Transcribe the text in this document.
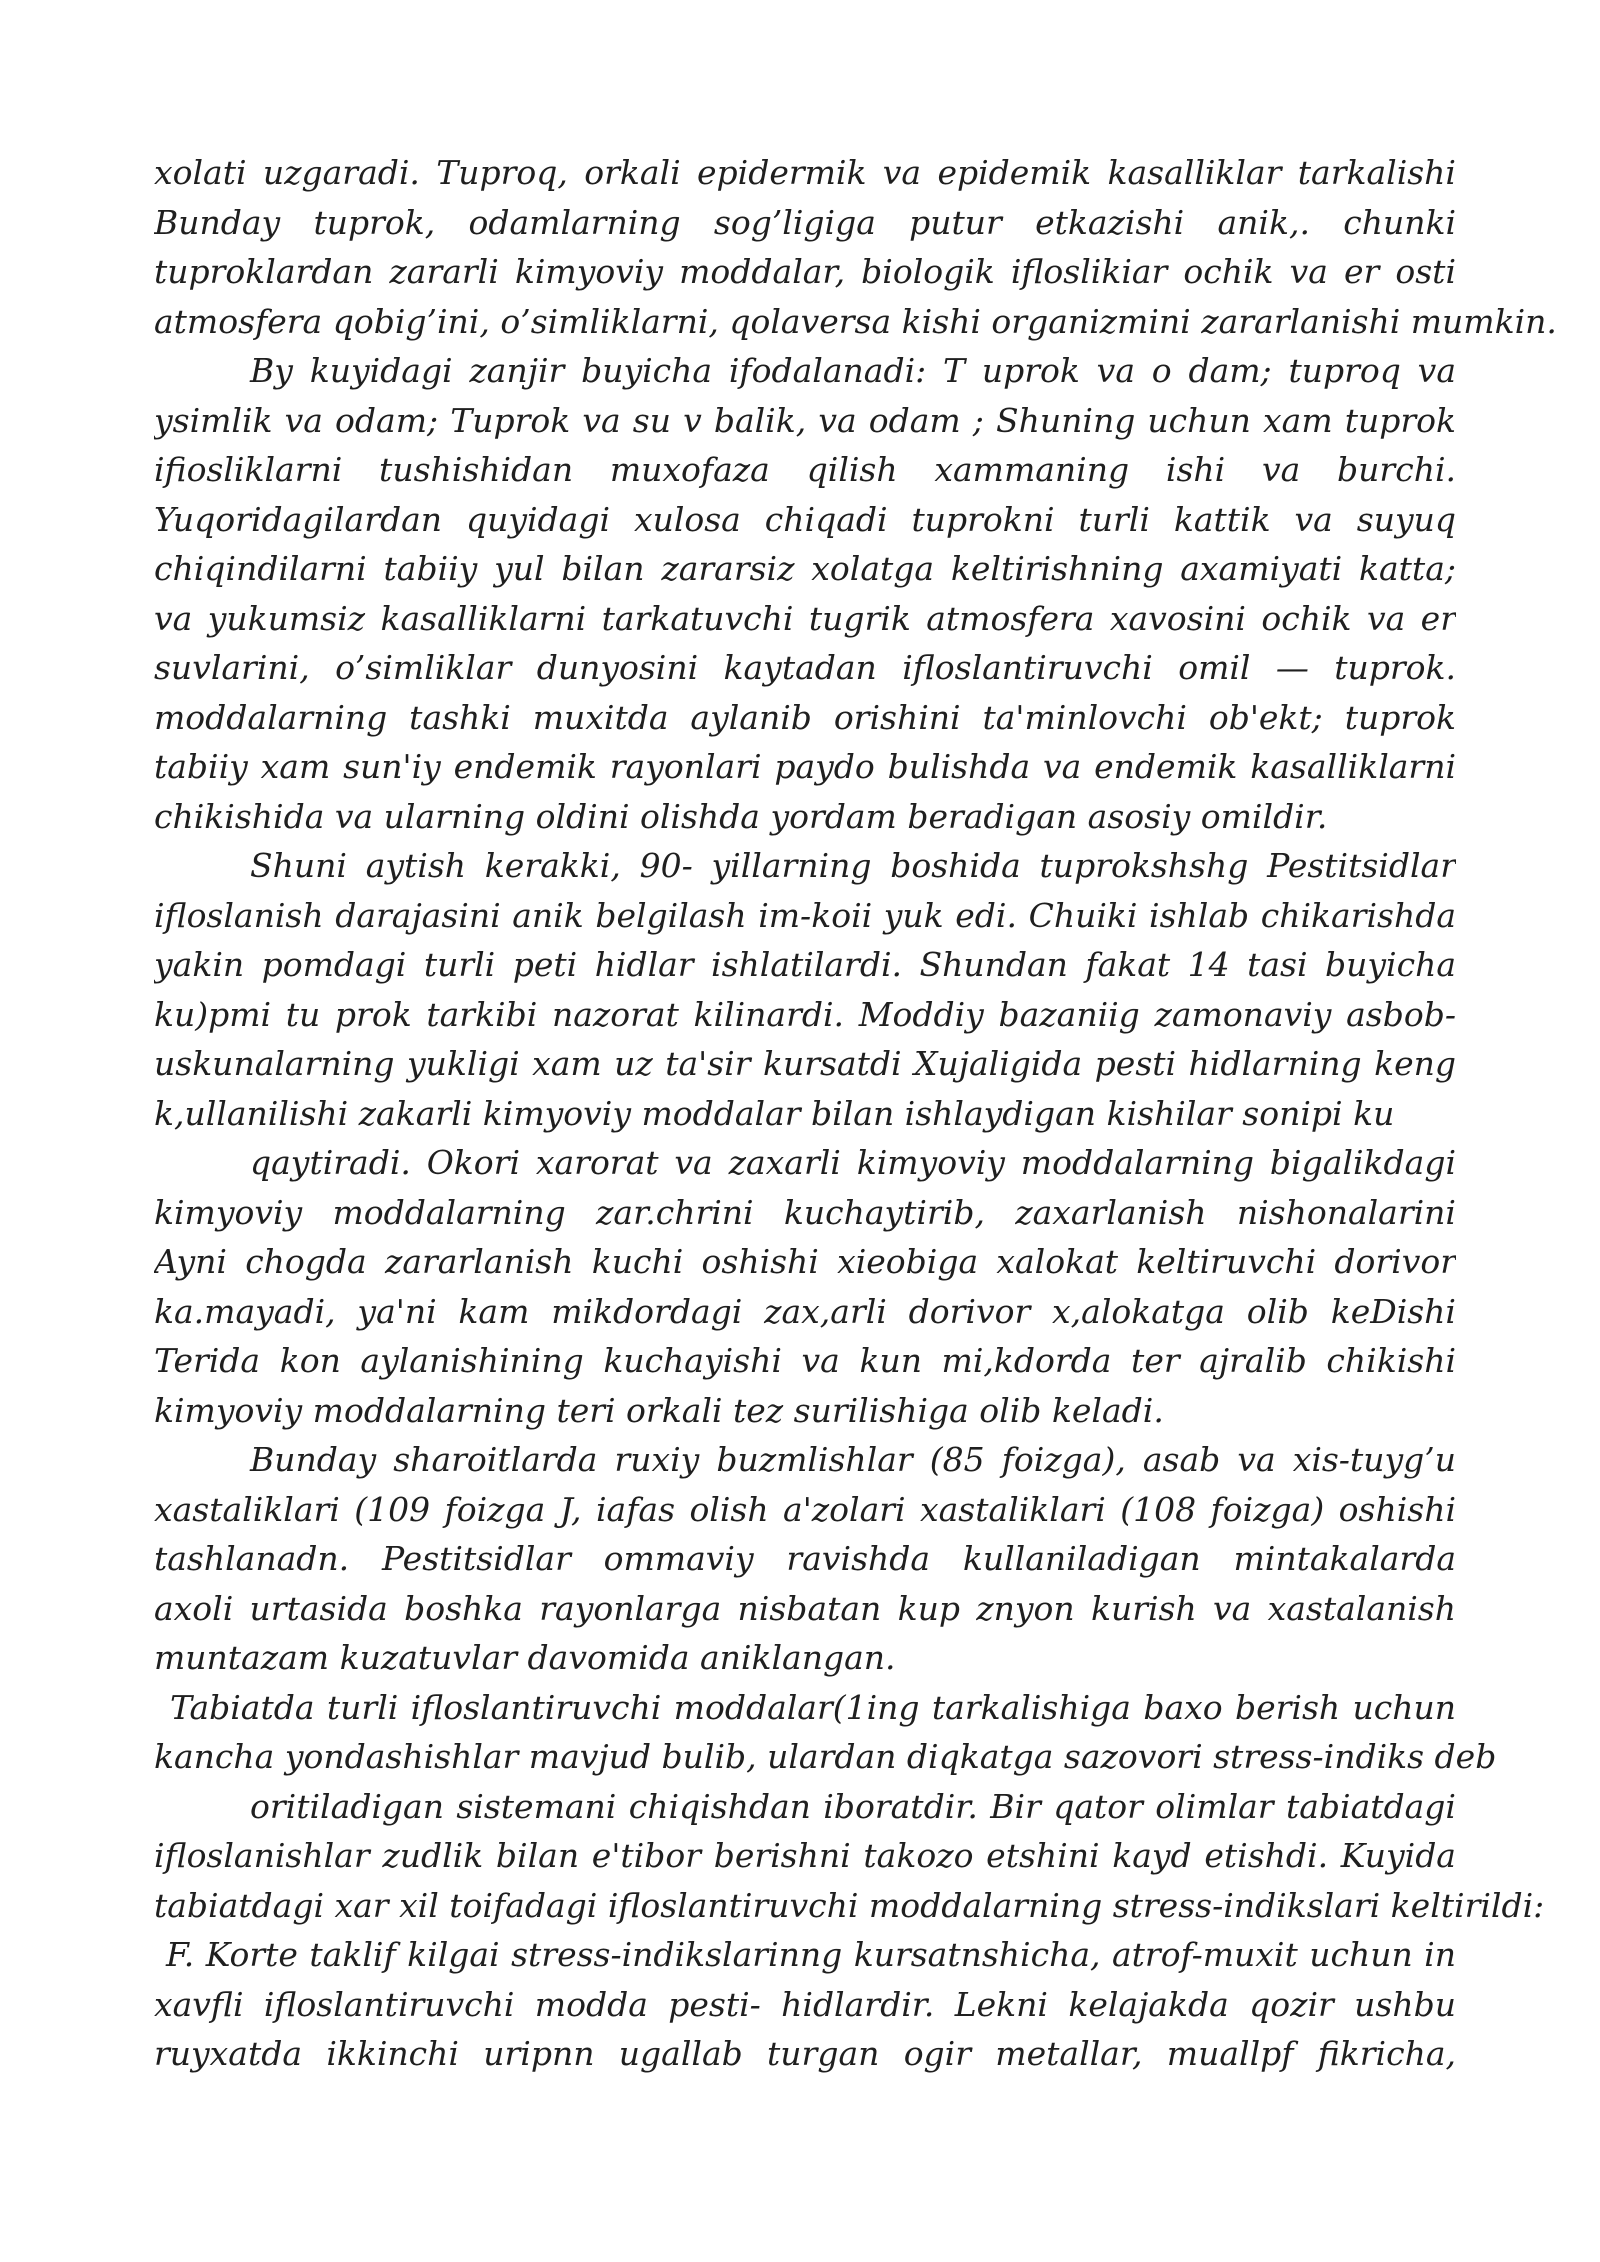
xolati uzgaradi. Tuproq, orkali epidermik va epidemik kasalliklar tarkalishi
Bunday tuprok, odamlarning sog’ligiga putur etkazishi anik,. chunki
tuproklardan zararli kimyoviy moddalar, biologik ifloslikiar ochik va er osti
atmosfera qobig’ini, o’simliklarni, qolaversa kishi organizmini zararlanishi mumkin.
By kuyidagi zanjir buyicha ifodalanadi: T uprok va o dam; tuproq va
ysimlik va odam; Tuprok va su v balik, va odam ; Shuning uchun xam tuprok
ifiosliklarni tushishidan muxofaza qilish xammaning ishi va burchi.
Yuqoridagilardan quyidagi xulosa chiqadi tuprokni turli kattik va suyuq
chiqindilarni tabiiy yul bilan zararsiz xolatga keltirishning axamiyati katta;
va yukumsiz kasalliklarni tarkatuvchi tugrik atmosfera xavosini ochik va er
suvlarini, o’simliklar dunyosini kaytadan ifloslantiruvchi omil — tuprok.
moddalarning tashki muxitda aylanib orishini ta'minlovchi ob'ekt; tuprok
tabiiy xam sun'iy endemik rayonlari paydo bulishda va endemik kasalliklarni
chikishida va ularning oldini olishda yordam beradigan asosiy omildir.
Shuni aytish kerakki, 90- yillarning boshida tuprokshshg Pestitsidlar
ifloslanish darajasini anik belgilash im-koii yuk edi. Chuiki ishlab chikarishda
yakin pomdagi turli peti hidlar ishlatilardi. Shundan fakat 14 tasi buyicha
ku)pmi tu prok tarkibi nazorat kilinardi. Moddiy bazaniig zamonaviy asbob-
uskunalarning yukligi xam uz ta'sir kursatdi Xujaligida pesti hidlarning keng
k,ullanilishi zakarli kimyoviy moddalar bilan ishlaydigan kishilar sonipi ku
qaytiradi. Okori xarorat va zaxarli kimyoviy moddalarning bigalikdagi
kimyoviy moddalarning zar.chrini kuchaytirib, zaxarlanish nishonalarini
Ayni chogda zararlanish kuchi oshishi xieobiga xalokat keltiruvchi dorivor
ka.mayadi, ya'ni kam mikdordagi zax,arli dorivor x,alokatga olib keDishi
Terida kon aylanishining kuchayishi va kun mi,kdorda ter ajralib chikishi
kimyoviy moddalarning teri orkali tez surilishiga olib keladi.
Bunday sharoitlarda ruxiy buzmlishlar (85 foizga), asab va xis-tuyg’u
xastaliklari (109 foizga J, iafas olish a'zolari xastaliklari (108 foizga) oshishi
tashlanadn. Pestitsidlar ommaviy ravishda kullaniladigan mintakalarda
axoli urtasida boshka rayonlarga nisbatan kup znyon kurish va xastalanish
muntazam kuzatuvlar davomida aniklangan.
Tabiatda turli ifloslantiruvchi moddalar(1ing tarkalishiga baxo berish uchun
kancha yondashishlar mavjud bulib, ulardan diqkatga sazovori stress-indiks deb
oritiladigan sistemani chiqishdan iboratdir. Bir qator olimlar tabiatdagi
ifloslanishlar zudlik bilan e'tibor berishni takozo etshini kayd etishdi. Kuyida
tabiatdagi xar xil toifadagi ifloslantiruvchi moddalarning stress-indikslari keltirildi:
F. Korte taklif kilgai stress-indikslarinng kursatnshicha, atrof-muxit uchun in
xavfli ifloslantiruvchi modda pesti- hidlardir. Lekni kelajakda qozir ushbu
ruyxatda ikkinchi uripnn ugallab turgan ogir metallar, muallpf fikricha,
